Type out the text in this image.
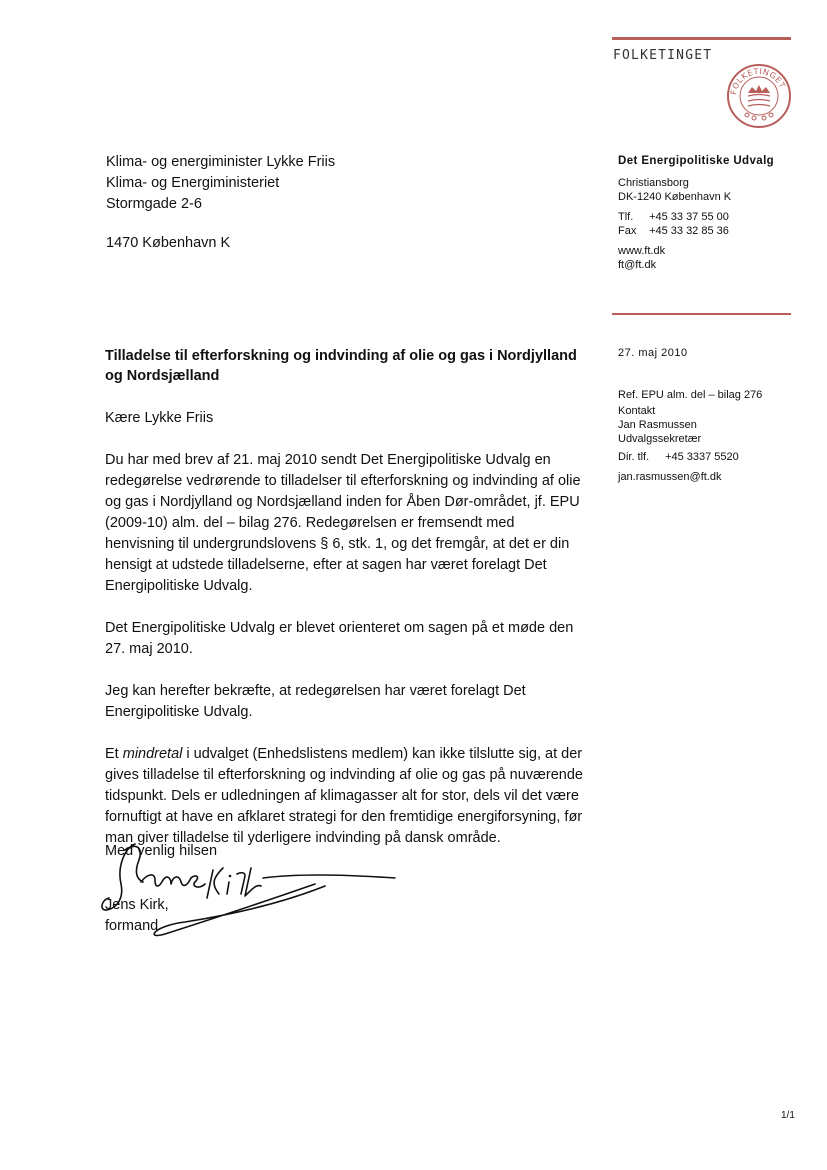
FOLKETINGET
FOLKETINGET
Det Energipolitiske Udvalg
Christiansborg
DK-1240 København K
Tlf. +45 33 37 55 00
Fax +45 33 32 85 36
www.ft.dk
ft@ft.dk
Klima- og energiminister Lykke Friis
Klima- og Energiministeriet
Stormgade 2-6
1470 København K
27. maj 2010
Ref. EPU alm. del – bilag 276
Kontakt
Jan Rasmussen
Udvalgssekretær
Dir. tlf. +45 3337 5520
jan.rasmussen@ft.dk
Tilladelse til efterforskning og indvinding af olie og gas i Nordjylland og Nordsjælland
Kære Lykke Friis
Du har med brev af 21. maj 2010 sendt Det Energipolitiske Udvalg en redegørelse vedrørende to tilladelser til efterforskning og indvinding af olie og gas i Nordjylland og Nordsjælland inden for Åben Dør-området, jf. EPU (2009-10) alm. del – bilag 276. Redegørelsen er fremsendt med henvisning til undergrundslovens § 6, stk. 1, og det fremgår, at det er din hensigt at udstede tilladelserne, efter at sagen har været forelagt Det Energipolitiske Udvalg.
Det Energipolitiske Udvalg er blevet orienteret om sagen på et møde den 27. maj 2010.
Jeg kan herefter bekræfte, at redegørelsen har været forelagt Det Energipolitiske Udvalg.
Et mindretal i udvalget (Enhedslistens medlem) kan ikke tilslutte sig, at der gives tilladelse til efterforskning og indvinding af olie og gas på nuværende tidspunkt. Dels er udledningen af klimagasser alt for stor, dels vil det være fornuftigt at have en afklaret strategi for den fremtidige energiforsyning, før man giver tilladelse til yderligere indvinding på dansk område.
Med venlig hilsen
Jens Kirk,
formand
1/1
